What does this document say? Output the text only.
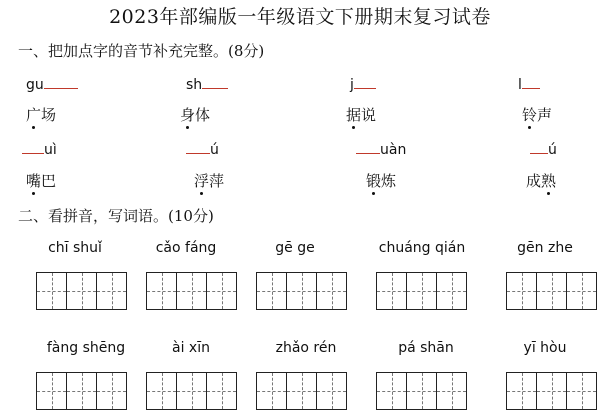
2023年部编版一年级语文下册期末复习试卷
一、把加点字的音节补充完整。(8分)
gu	sh	j	l
广场	身体	据说	铃声
uì	ú	uàn	ú
嘴巴	浮萍	锻炼	成熟
二、看拼音，写词语。(10分)
chī shuǐ	cǎo fáng	gē ge	chuáng qián	gēn zhe
fàng shēng	ài xīn	zhǎo rén	pá shān	yī hòu
